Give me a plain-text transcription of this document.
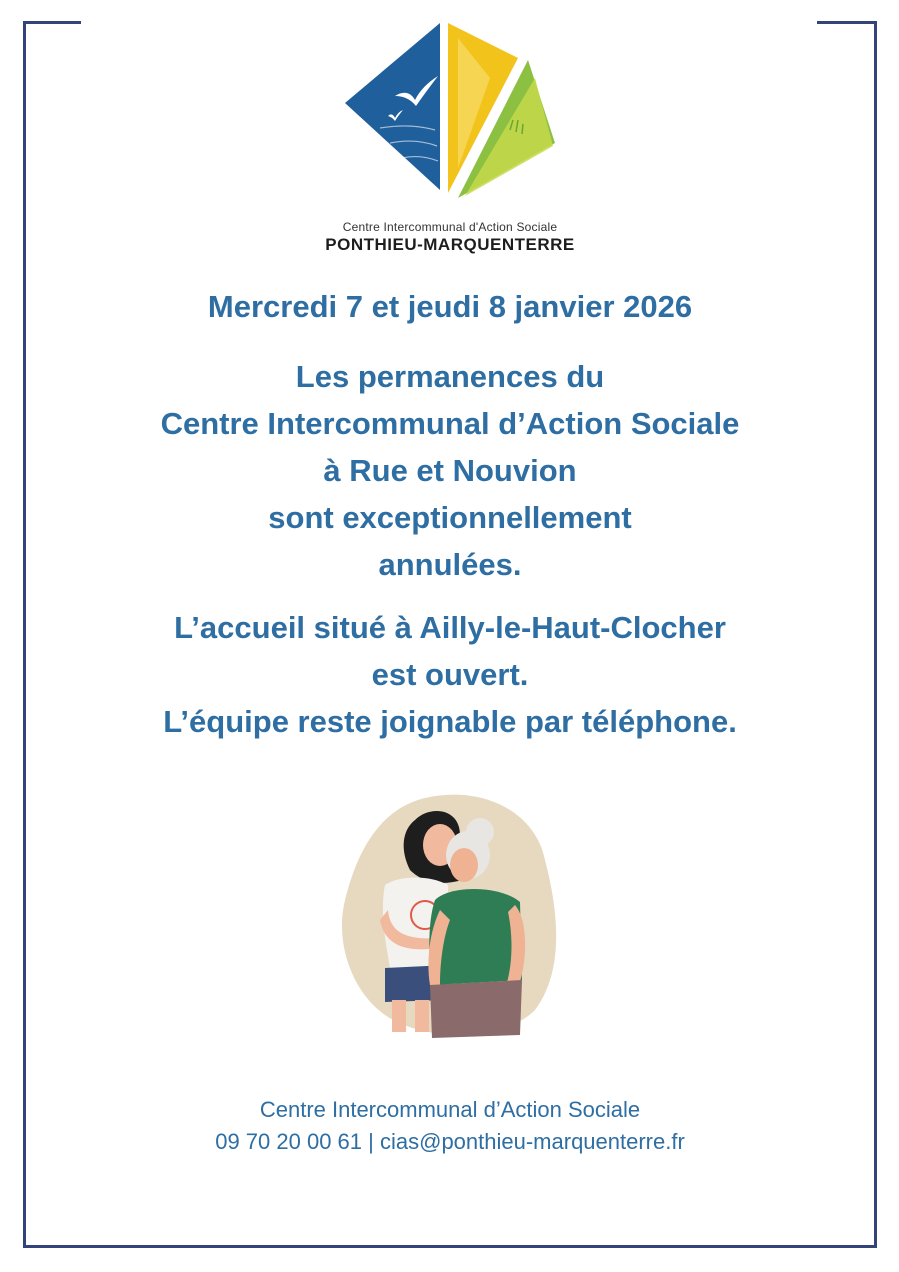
Centre Intercommunal d'Action Sociale
PONTHIEU-MARQUENTERRE
Mercredi 7 et jeudi 8 janvier 2026
Les permanences du
Centre Intercommunal d’Action Sociale
à Rue et Nouvion
sont exceptionnellement
annulées.
L’accueil situé à Ailly-le-Haut-Clocher
est ouvert.
L’équipe reste joignable par téléphone.
Centre Intercommunal d’Action Sociale
09 70 20 00 61 | cias@ponthieu-marquenterre.fr
